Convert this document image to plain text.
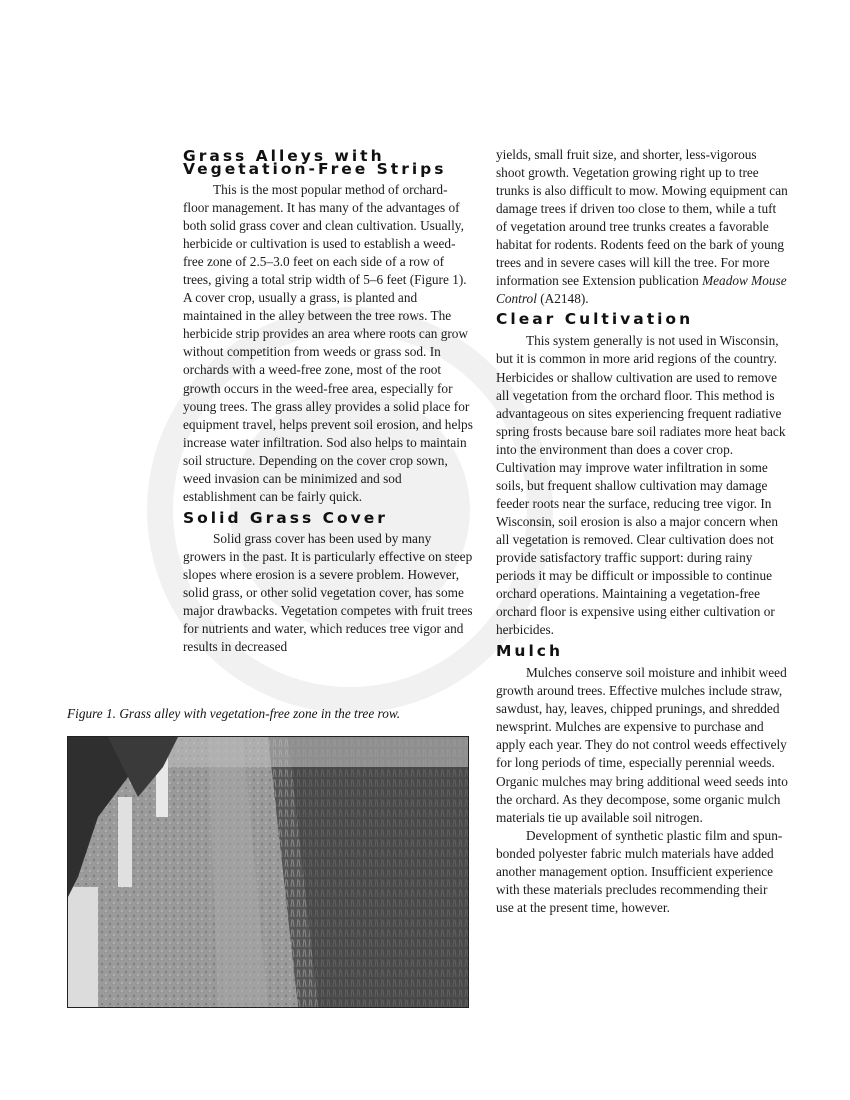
Grass Alleys with
Vegetation-Free Strips

This is the most popular method of orchard-floor management. It has many of the advantages of both solid grass cover and clean cultivation. Usually, herbicide or cultivation is used to establish a weed-free zone of 2.5–3.0 feet on each side of a row of trees, giving a total strip width of 5–6 feet (Figure 1). A cover crop, usually a grass, is planted and maintained in the alley between the tree rows. The herbicide strip provides an area where roots can grow without competition from weeds or grass sod. In orchards with a weed-free zone, most of the root growth occurs in the weed-free area, especially for young trees. The grass alley provides a solid place for equipment travel, helps prevent soil erosion, and helps increase water infiltration. Sod also helps to maintain soil structure. Depending on the cover crop sown, weed invasion can be minimized and sod establishment can be fairly quick.

Solid Grass Cover

Solid grass cover has been used by many growers in the past. It is particularly effective on steep slopes where erosion is a severe problem. However, solid grass, or other solid vegetation cover, has some major drawbacks. Vegetation competes with fruit trees for nutrients and water, which reduces tree vigor and results in decreased

Figure 1. Grass alley with vegetation-free zone in the tree row.

yields, small fruit size, and shorter, less-vigorous shoot growth. Vegetation growing right up to tree trunks is also difficult to mow. Mowing equipment can damage trees if driven too close to them, while a tuft of vegetation around tree trunks creates a favorable habitat for rodents. Rodents feed on the bark of young trees and in severe cases will kill the tree. For more information see Extension publication Meadow Mouse Control (A2148).

Clear Cultivation

This system generally is not used in Wisconsin, but it is common in more arid regions of the country. Herbicides or shallow cultivation are used to remove all vegetation from the orchard floor. This method is advantageous on sites experiencing frequent radiative spring frosts because bare soil radiates more heat back into the environment than does a cover crop. Cultivation may improve water infiltration in some soils, but frequent shallow cultivation may damage feeder roots near the surface, reducing tree vigor. In Wisconsin, soil erosion is also a major concern when all vegetation is removed. Clear cultivation does not provide satisfactory traffic support: during rainy periods it may be difficult or impossible to continue orchard operations. Maintaining a vegetation-free orchard floor is expensive using either cultivation or herbicides.

Mulch

Mulches conserve soil moisture and inhibit weed growth around trees. Effective mulches include straw, sawdust, hay, leaves, chipped prunings, and shredded newsprint. Mulches are expensive to purchase and apply each year. They do not control weeds effectively for long periods of time, especially perennial weeds. Organic mulches may bring additional weed seeds into the orchard. As they decompose, some organic mulch materials tie up available soil nitrogen.

Development of synthetic plastic film and spun-bonded polyester fabric mulch materials have added another management option. Insufficient experience with these materials precludes recommending their use at the present time, however.
